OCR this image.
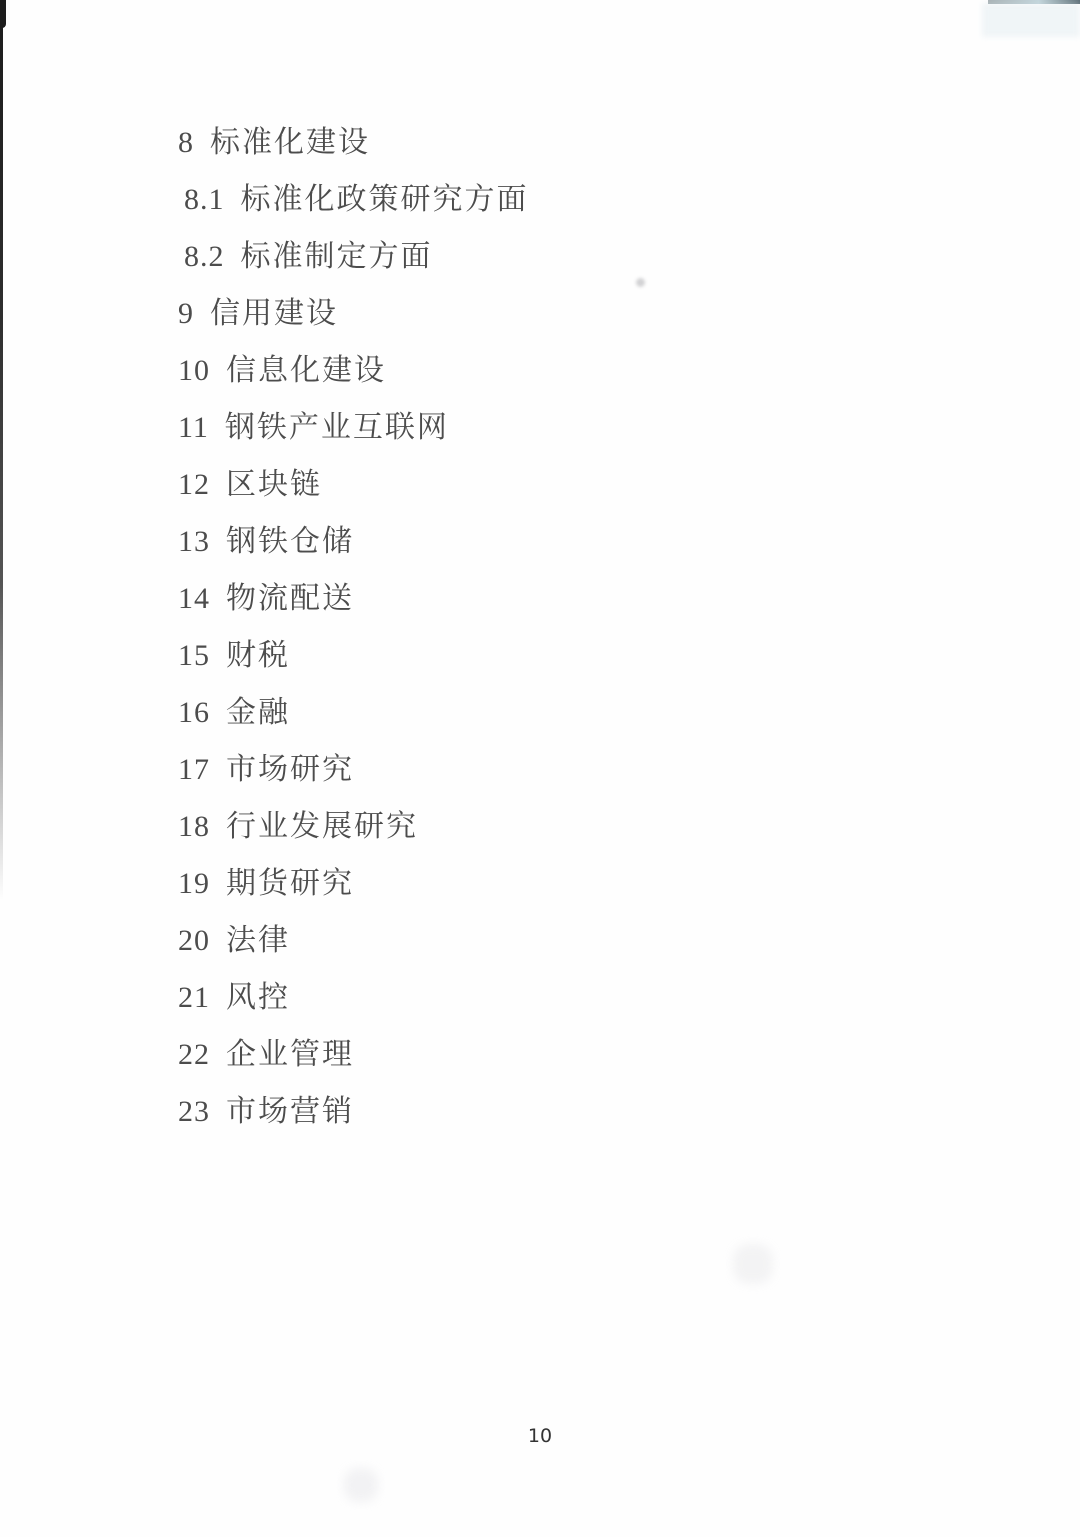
8 标准化建设
8.1 标准化政策研究方面
8.2 标准制定方面
9 信用建设
10 信息化建设
11 钢铁产业互联网
12 区块链
13 钢铁仓储
14 物流配送
15 财税
16 金融
17 市场研究
18 行业发展研究
19 期货研究
20 法律
21 风控
22 企业管理
23 市场营销
10
